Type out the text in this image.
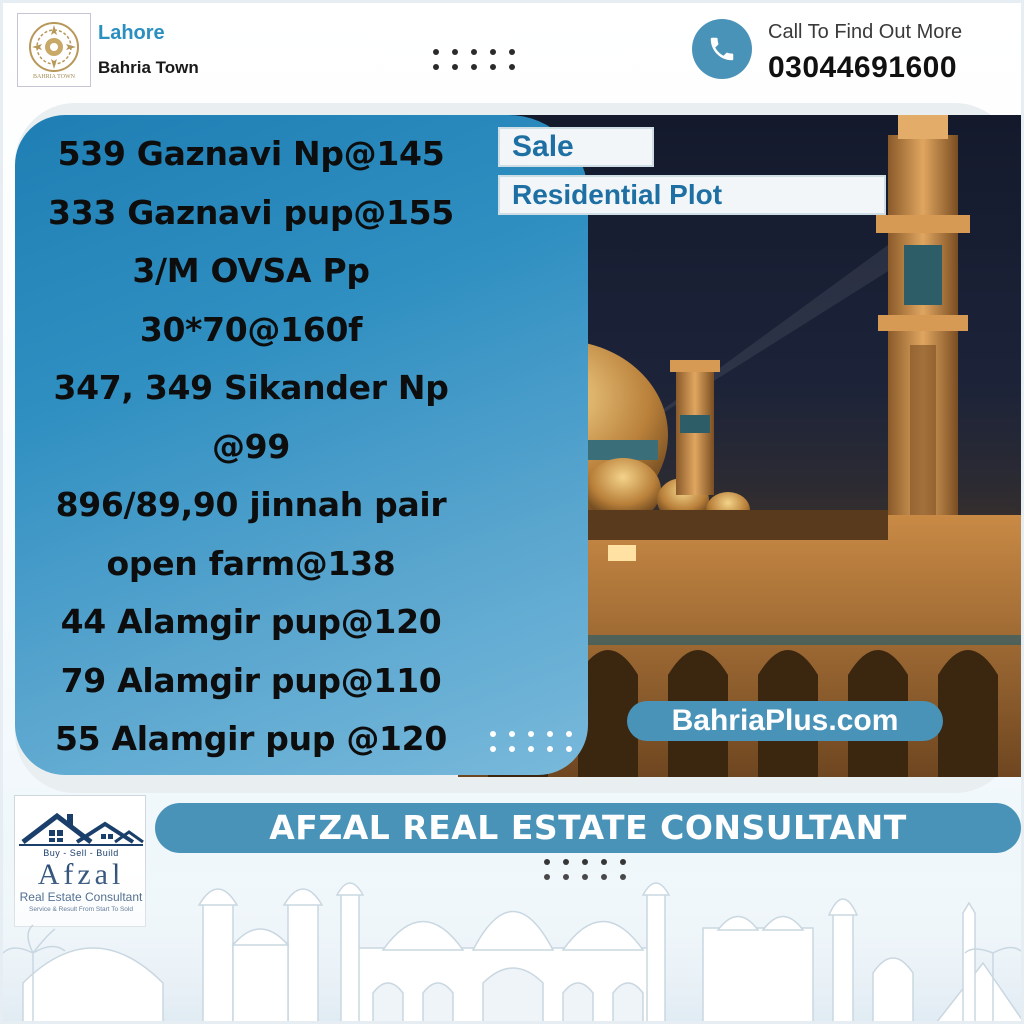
BAHRIA TOWN
Lahore
Bahria Town
Call To Find Out More
03044691600
539 Gaznavi Np@145
333 Gaznavi pup@155
3/M OVSA Pp
30*70@160f
347, 349 Sikander Np
@99
896/89,90 jinnah pair
open farm@138
44 Alamgir pup@120
79 Alamgir pup@110
55 Alamgir pup @120
Sale
Residential Plot
BahriaPlus.com
AFZAL REAL ESTATE CONSULTANT
